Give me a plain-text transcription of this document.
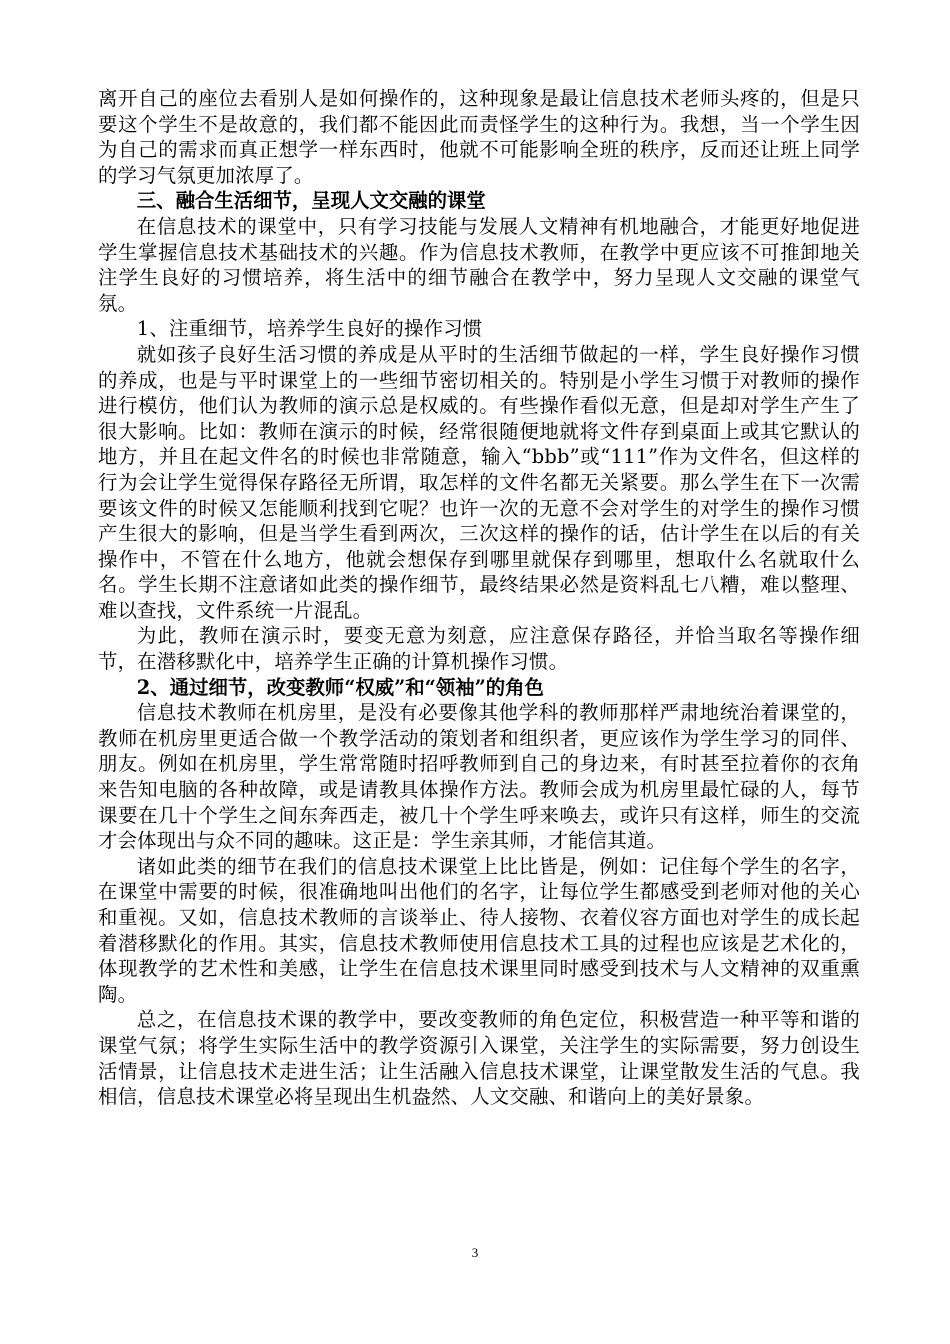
离开自己的座位去看别人是如何操作的，这种现象是最让信息技术老师头疼的，但是只要这个学生不是故意的，我们都不能因此而责怪学生的这种行为。我想，当一个学生因为自己的需求而真正想学一样东西时，他就不可能影响全班的秩序，反而还让班上同学的学习气氛更加浓厚了。

三、融合生活细节，呈现人文交融的课堂

在信息技术的课堂中，只有学习技能与发展人文精神有机地融合，才能更好地促进学生掌握信息技术基础技术的兴趣。作为信息技术教师，在教学中更应该不可推卸地关注学生良好的习惯培养，将生活中的细节融合在教学中，努力呈现人文交融的课堂气氛。

1、注重细节，培养学生良好的操作习惯

就如孩子良好生活习惯的养成是从平时的生活细节做起的一样，学生良好操作习惯的养成，也是与平时课堂上的一些细节密切相关的。特别是小学生习惯于对教师的操作进行模仿，他们认为教师的演示总是权威的。有些操作看似无意，但是却对学生产生了很大影响。比如：教师在演示的时候，经常很随便地就将文件存到桌面上或其它默认的地方，并且在起文件名的时候也非常随意，输入“bbb”或“111”作为文件名，但这样的行为会让学生觉得保存路径无所谓，取怎样的文件名都无关紧要。那么学生在下一次需要该文件的时候又怎能顺利找到它呢？也许一次的无意不会对学生的对学生的操作习惯产生很大的影响，但是当学生看到两次，三次这样的操作的话，估计学生在以后的有关操作中，不管在什么地方，他就会想保存到哪里就保存到哪里，想取什么名就取什么名。学生长期不注意诸如此类的操作细节，最终结果必然是资料乱七八糟，难以整理、难以查找，文件系统一片混乱。

为此，教师在演示时，要变无意为刻意，应注意保存路径，并恰当取名等操作细节，在潜移默化中，培养学生正确的计算机操作习惯。

2、通过细节，改变教师“权威”和“领袖”的角色

信息技术教师在机房里，是没有必要像其他学科的教师那样严肃地统治着课堂的，教师在机房里更适合做一个教学活动的策划者和组织者，更应该作为学生学习的同伴、朋友。例如在机房里，学生常常随时招呼教师到自己的身边来，有时甚至拉着你的衣角来告知电脑的各种故障，或是请教具体操作方法。教师会成为机房里最忙碌的人，每节课要在几十个学生之间东奔西走，被几十个学生呼来唤去，或许只有这样，师生的交流才会体现出与众不同的趣味。这正是：学生亲其师，才能信其道。

诸如此类的细节在我们的信息技术课堂上比比皆是，例如：记住每个学生的名字，在课堂中需要的时候，很准确地叫出他们的名字，让每位学生都感受到老师对他的关心和重视。又如，信息技术教师的言谈举止、待人接物、衣着仪容方面也对学生的成长起着潜移默化的作用。其实，信息技术教师使用信息技术工具的过程也应该是艺术化的，体现教学的艺术性和美感，让学生在信息技术课里同时感受到技术与人文精神的双重熏陶。

总之，在信息技术课的教学中，要改变教师的角色定位，积极营造一种平等和谐的课堂气氛；将学生实际生活中的教学资源引入课堂，关注学生的实际需要，努力创设生活情景，让信息技术走进生活；让生活融入信息技术课堂，让课堂散发生活的气息。我相信，信息技术课堂必将呈现出生机盎然、人文交融、和谐向上的美好景象。

3
